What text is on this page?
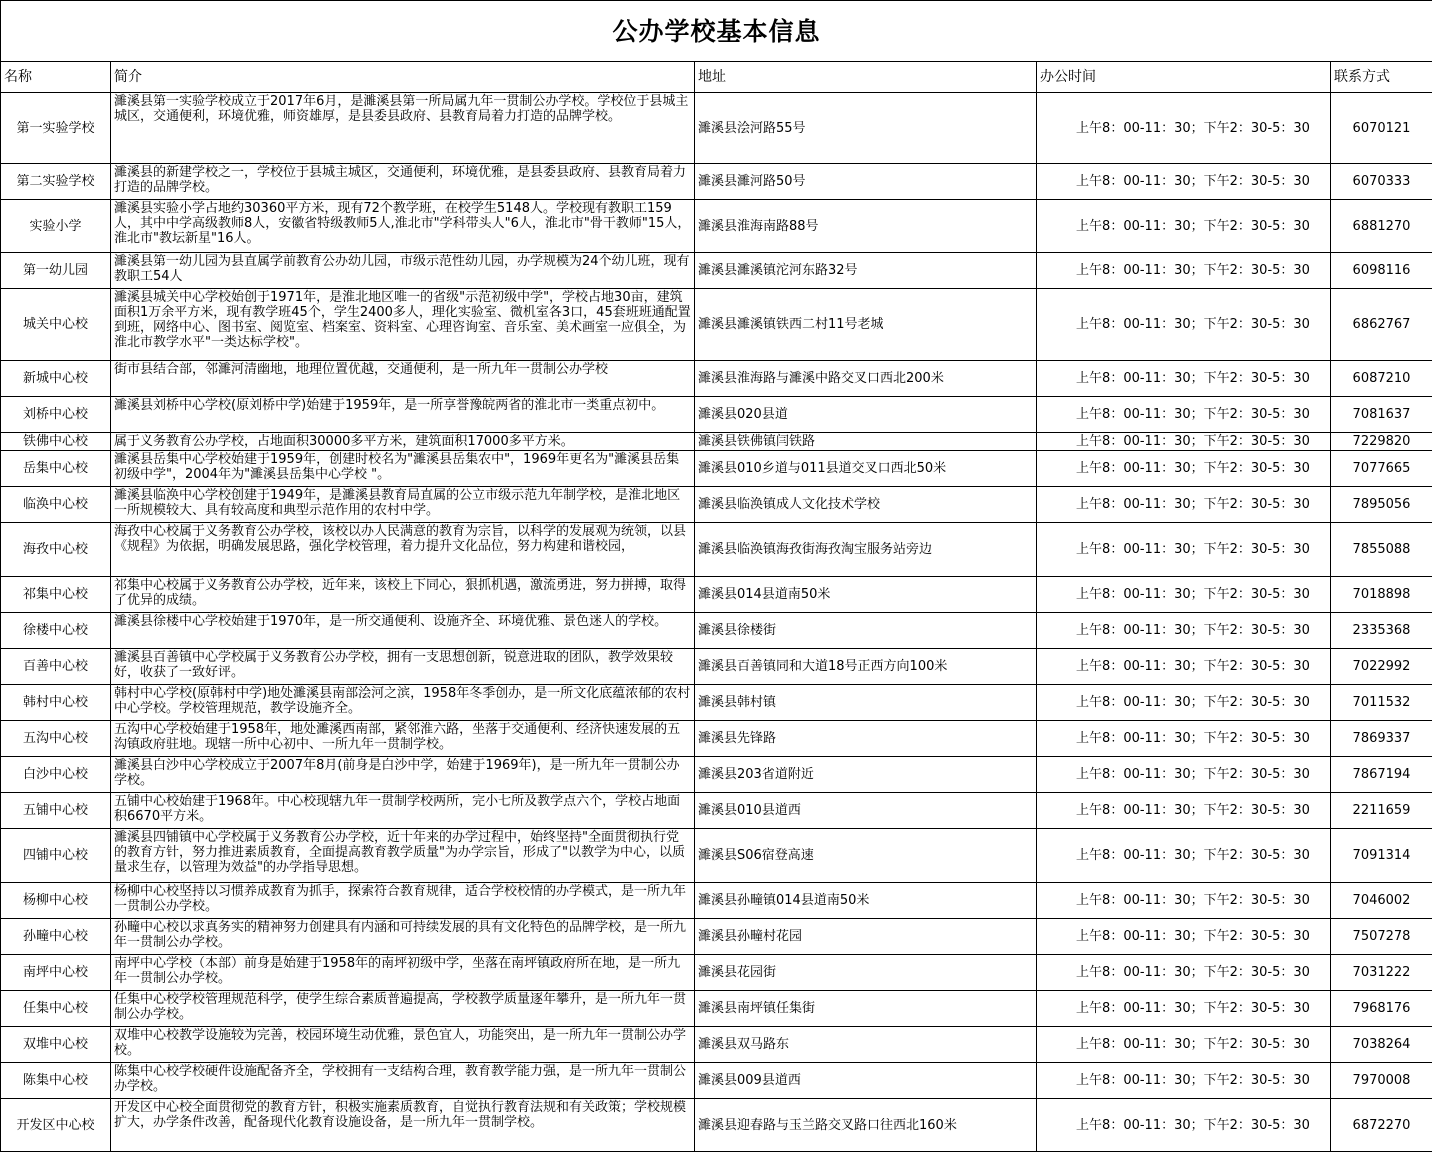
公办学校基本信息				
名称	简介	地址	办公时间	联系方式
第一实验学校	濉溪县第一实验学校成立于2017年6月，是濉溪县第一所局属九年一贯制公办学校。学校位于县城主城区，交通便利，环境优雅，师资雄厚，是县委县政府、县教育局着力打造的品牌学校。	濉溪县浍河路55号	上午8：00-11：30；下午2：30-5：30	6070121
第二实验学校	濉溪县的新建学校之一，学校位于县城主城区，交通便利，环境优雅，是县委县政府、县教育局着力打造的品牌学校。	濉溪县濉河路50号	上午8：00-11：30；下午2：30-5：30	6070333
实验小学	濉溪县实验小学占地约30360平方米，现有72个教学班，在校学生5148人。学校现有教职工159人，其中中学高级教师8人，安徽省特级教师5人,淮北市"学科带头人"6人，淮北市"骨干教师"15人，淮北市"教坛新星"16人。	濉溪县淮海南路88号	上午8：00-11：30；下午2：30-5：30	6881270
第一幼儿园	濉溪县第一幼儿园为县直属学前教育公办幼儿园，市级示范性幼儿园，办学规模为24个幼儿班，现有教职工54人	濉溪县濉溪镇沱河东路32号	上午8：00-11：30；下午2：30-5：30	6098116
城关中心校	濉溪县城关中心学校始创于1971年，是淮北地区唯一的省级"示范初级中学"，学校占地30亩，建筑面积1万余平方米，现有教学班45个，学生2400多人，理化实验室、微机室各3口，45套班班通配置到班，网络中心、图书室、阅览室、档案室、资料室、心理咨询室、音乐室、美术画室一应俱全，为淮北市教学水平"一类达标学校"。	濉溪县濉溪镇铁西二村11号老城	上午8：00-11：30；下午2：30-5：30	6862767
新城中心校	街市县结合部，邻濉河清幽地，地理位置优越，交通便利，是一所九年一贯制公办学校	濉溪县淮海路与濉溪中路交叉口西北200米	上午8：00-11：30；下午2：30-5：30	6087210
刘桥中心校	濉溪县刘桥中心学校(原刘桥中学)始建于1959年，是一所享誉豫皖两省的淮北市一类重点初中。	濉溪县020县道	上午8：00-11：30；下午2：30-5：30	7081637
铁佛中心校	属于义务教育公办学校，占地面积30000多平方米，建筑面积17000多平方米。	濉溪县铁佛镇闫铁路	上午8：00-11：30；下午2：30-5：30	7229820
岳集中心校	濉溪县岳集中心学校始建于1959年，创建时校名为"濉溪县岳集农中"，1969年更名为"濉溪县岳集初级中学"，2004年为"濉溪县岳集中心学校 "。	濉溪县010乡道与011县道交叉口西北50米	上午8：00-11：30；下午2：30-5：30	7077665
临涣中心校	濉溪县临涣中心学校创建于1949年，是濉溪县教育局直属的公立市级示范九年制学校，是淮北地区一所规模较大、具有较高度和典型示范作用的农村中学。	濉溪县临涣镇成人文化技术学校	上午8：00-11：30；下午2：30-5：30	7895056
海孜中心校	海孜中心校属于义务教育公办学校，该校以办人民满意的教育为宗旨，以科学的发展观为统领，以县《规程》为依据，明确发展思路，强化学校管理，着力提升文化品位，努力构建和谐校园，	濉溪县临涣镇海孜街海孜淘宝服务站旁边	上午8：00-11：30；下午2：30-5：30	7855088
祁集中心校	祁集中心校属于义务教育公办学校，近年来，该校上下同心，狠抓机遇，激流勇进，努力拼搏，取得了优异的成绩。	濉溪县014县道南50米	上午8：00-11：30；下午2：30-5：30	7018898
徐楼中心校	濉溪县徐楼中心学校始建于1970年，是一所交通便利、设施齐全、环境优雅、景色迷人的学校。	濉溪县徐楼街	上午8：00-11：30；下午2：30-5：30	2335368
百善中心校	濉溪县百善镇中心学校属于义务教育公办学校，拥有一支思想创新，锐意进取的团队，教学效果较好，收获了一致好评。	濉溪县百善镇同和大道18号正西方向100米	上午8：00-11：30；下午2：30-5：30	7022992
韩村中心校	韩村中心学校(原韩村中学)地处濉溪县南部浍河之滨，1958年冬季创办，是一所文化底蕴浓郁的农村中心学校。学校管理规范，教学设施齐全。	濉溪县韩村镇	上午8：00-11：30；下午2：30-5：30	7011532
五沟中心校	五沟中心学校始建于1958年，地处濉溪西南部，紧邻淮六路，坐落于交通便利、经济快速发展的五沟镇政府驻地。现辖一所中心初中、一所九年一贯制学校。	濉溪县先锋路	上午8：00-11：30；下午2：30-5：30	7869337
白沙中心校	濉溪县白沙中心学校成立于2007年8月(前身是白沙中学，始建于1969年)，是一所九年一贯制公办学校。	濉溪县203省道附近	上午8：00-11：30；下午2：30-5：30	7867194
五铺中心校	五铺中心校始建于1968年。中心校现辖九年一贯制学校两所，完小七所及教学点六个，学校占地面积6670平方米。	濉溪县010县道西	上午8：00-11：30；下午2：30-5：30	2211659
四铺中心校	濉溪县四铺镇中心学校属于义务教育公办学校，近十年来的办学过程中，始终坚持"全面贯彻执行党的教育方针，努力推进素质教育，全面提高教育教学质量"为办学宗旨，形成了"以教学为中心，以质量求生存，以管理为效益"的办学指导思想。	濉溪县S06宿登高速	上午8：00-11：30；下午2：30-5：30	7091314
杨柳中心校	杨柳中心校坚持以习惯养成教育为抓手，探索符合教育规律，适合学校校情的办学模式，是一所九年一贯制公办学校。	濉溪县孙疃镇014县道南50米	上午8：00-11：30；下午2：30-5：30	7046002
孙疃中心校	孙疃中心校以求真务实的精神努力创建具有内涵和可持续发展的具有文化特色的品牌学校，是一所九年一贯制公办学校。	濉溪县孙疃村花园	上午8：00-11：30；下午2：30-5：30	7507278
南坪中心校	南坪中心学校（本部）前身是始建于1958年的南坪初级中学，坐落在南坪镇政府所在地，是一所九年一贯制公办学校。	濉溪县花园街	上午8：00-11：30；下午2：30-5：30	7031222
任集中心校	任集中心校学校管理规范科学，使学生综合素质普遍提高，学校教学质量逐年攀升，是一所九年一贯制公办学校。	濉溪县南坪镇任集街	上午8：00-11：30；下午2：30-5：30	7968176
双堆中心校	双堆中心校教学设施较为完善，校园环境生动优雅，景色宜人，功能突出，是一所九年一贯制公办学校。	濉溪县双马路东	上午8：00-11：30；下午2：30-5：30	7038264
陈集中心校	陈集中心校学校硬件设施配备齐全，学校拥有一支结构合理，教育教学能力强，是一所九年一贯制公办学校。	濉溪县009县道西	上午8：00-11：30；下午2：30-5：30	7970008
开发区中心校	开发区中心校全面贯彻党的教育方针，积极实施素质教育，自觉执行教育法规和有关政策；学校规模扩大，办学条件改善，配备现代化教育设施设备，是一所九年一贯制学校。	濉溪县迎春路与玉兰路交叉路口往西北160米	上午8：00-11：30；下午2：30-5：30	6872270
